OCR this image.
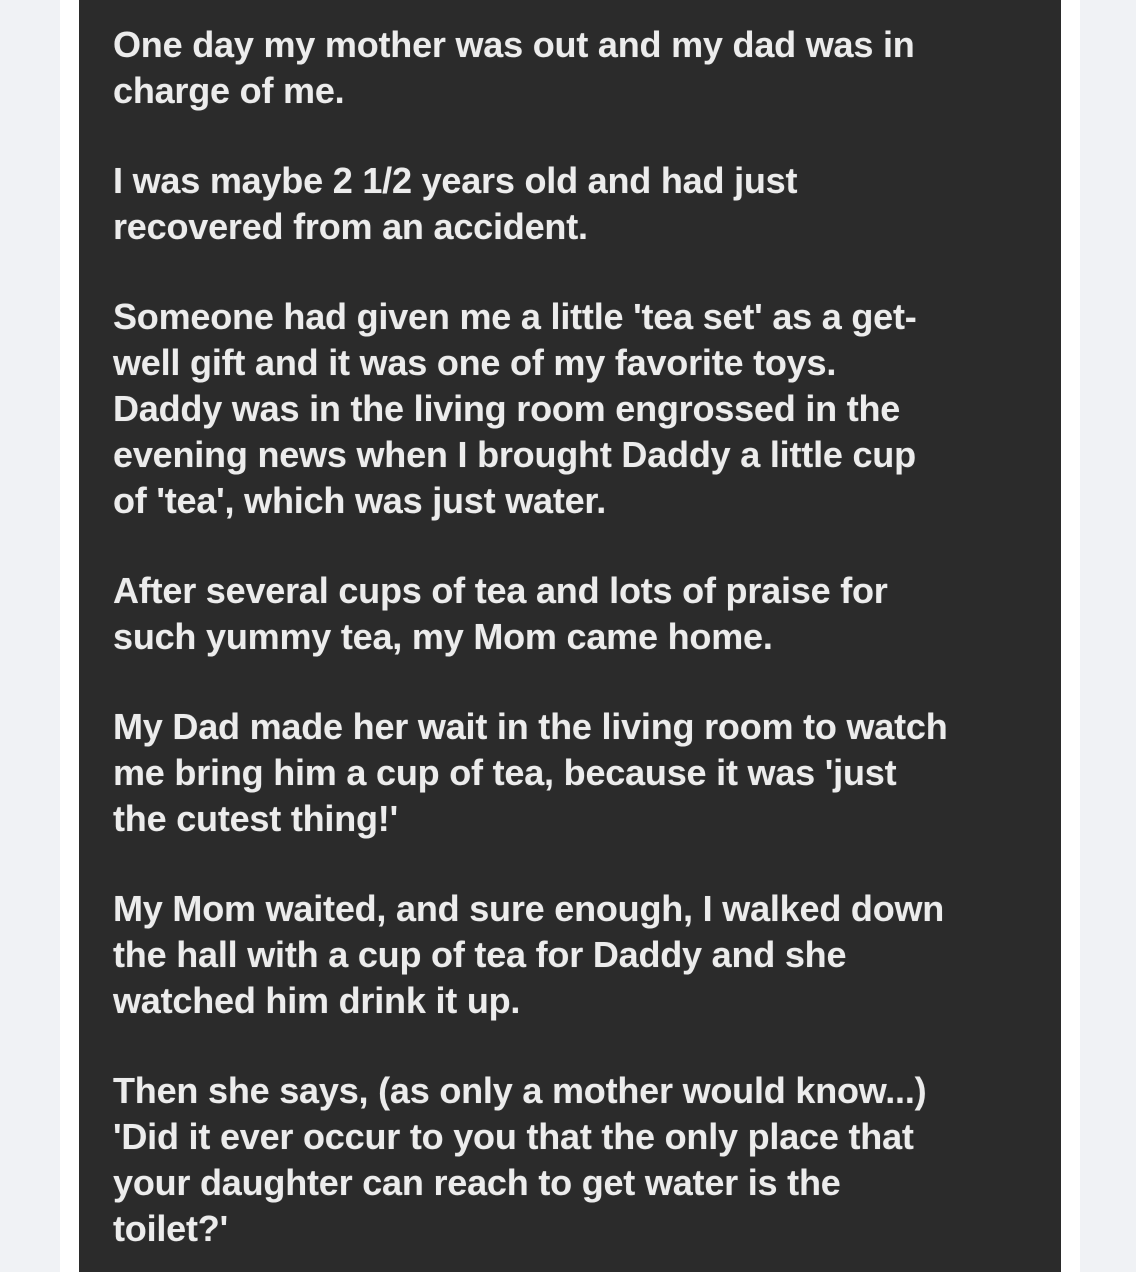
One day my mother was out and my dad was in
charge of me.

I was maybe 2 1/2 years old and had just
recovered from an accident.

Someone had given me a little 'tea set' as a get-
well gift and it was one of my favorite toys.
Daddy was in the living room engrossed in the
evening news when I brought Daddy a little cup
of 'tea', which was just water.

After several cups of tea and lots of praise for
such yummy tea, my Mom came home.

My Dad made her wait in the living room to watch
me bring him a cup of tea, because it was 'just
the cutest thing!'

My Mom waited, and sure enough, I walked down
the hall with a cup of tea for Daddy and she
watched him drink it up.

Then she says, (as only a mother would know...)
'Did it ever occur to you that the only place that
your daughter can reach to get water is the
toilet?'
